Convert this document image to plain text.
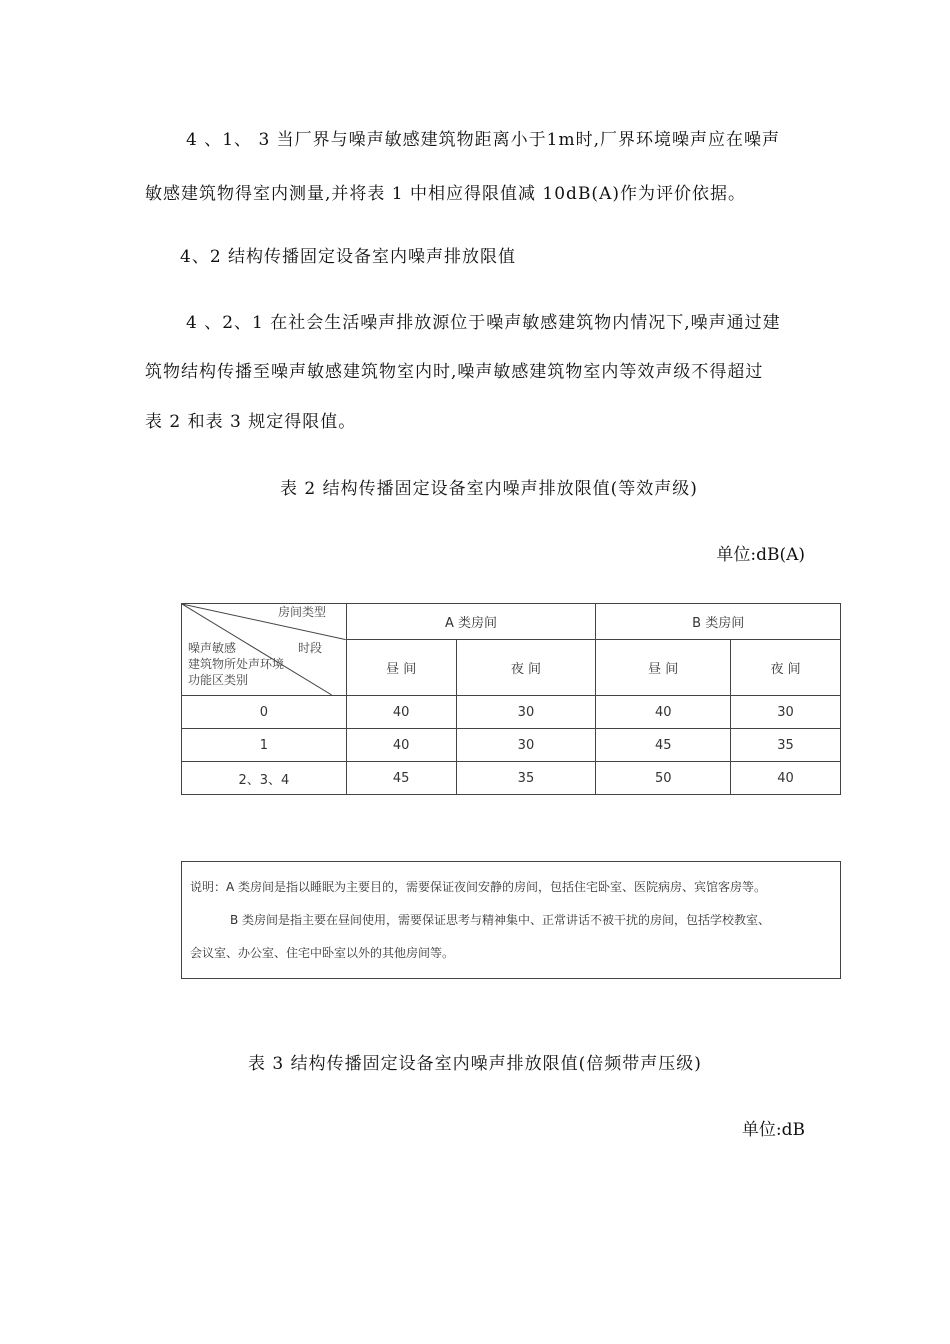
4 、1、 3 当厂界与噪声敏感建筑物距离小于1m时,厂界环境噪声应在噪声
敏感建筑物得室内测量,并将表 1 中相应得限值减 10dB(A)作为评价依据。
4、2 结构传播固定设备室内噪声排放限值
4 、2、1 在社会生活噪声排放源位于噪声敏感建筑物内情况下,噪声通过建
筑物结构传播至噪声敏感建筑物室内时,噪声敏感建筑物室内等效声级不得超过
表 2 和表 3 规定得限值。
表 2 结构传播固定设备室内噪声排放限值(等效声级)
单位:dB(A)
房间类型
噪声敏感 时段
建筑物所处声环境
功能区类别	A 类房间		B 类房间	
	昼 间	夜 间	昼 间	夜 间
0	40	30	40	30
1	40	30	45	35
2、3、4	45	35	50	40
说明：A 类房间是指以睡眠为主要目的，需要保证夜间安静的房间，包括住宅卧室、医院病房、宾馆客房等。
B 类房间是指主要在昼间使用，需要保证思考与精神集中、正常讲话不被干扰的房间，包括学校教室、
会议室、办公室、住宅中卧室以外的其他房间等。
表 3 结构传播固定设备室内噪声排放限值(倍频带声压级)
单位:dB
